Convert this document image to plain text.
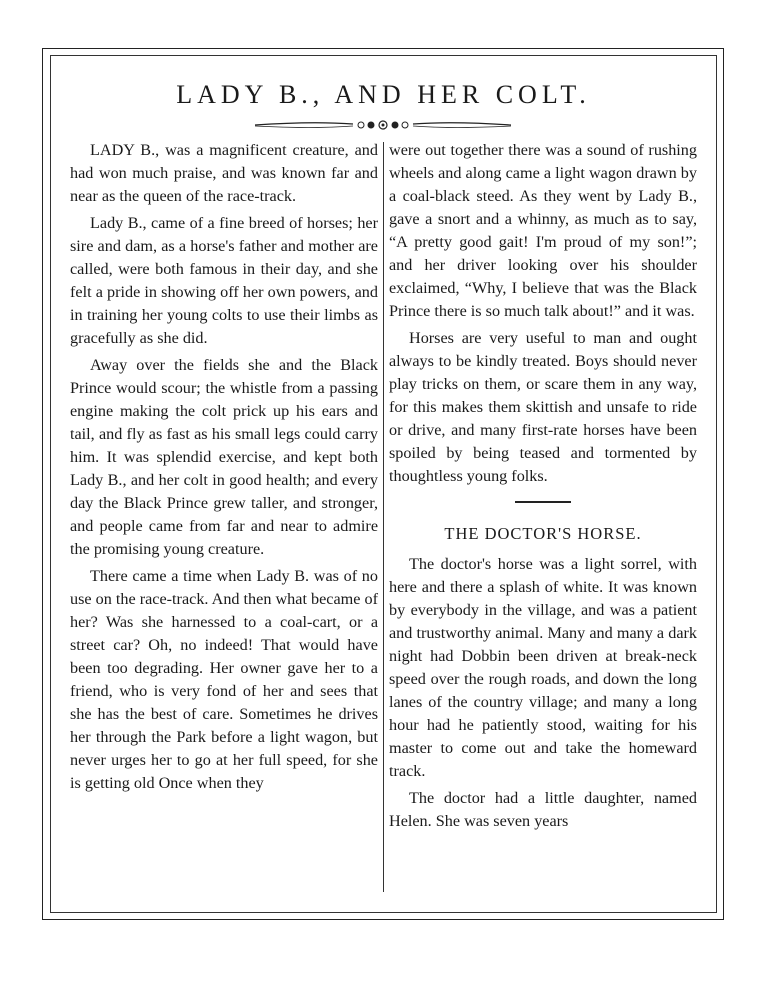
LADY B., AND HER COLT.

LADY B., was a magnificent creature, and had won much praise, and was known far and near as the queen of the race-track.

Lady B., came of a fine breed of horses; her sire and dam, as a horse's father and mother are called, were both famous in their day, and she felt a pride in showing off her own powers, and in training her young colts to use their limbs as gracefully as she did.

Away over the fields she and the Black Prince would scour; the whistle from a passing engine making the colt prick up his ears and tail, and fly as fast as his small legs could carry him. It was splendid exercise, and kept both Lady B., and her colt in good health; and every day the Black Prince grew taller, and stronger, and people came from far and near to admire the promising young creature.

There came a time when Lady B. was of no use on the race-track. And then what became of her? Was she harnessed to a coal-cart, or a street car? Oh, no indeed! That would have been too degrading. Her owner gave her to a friend, who is very fond of her and sees that she has the best of care. Sometimes he drives her through the Park before a light wagon, but never urges her to go at her full speed, for she is getting old Once when they

were out together there was a sound of rushing wheels and along came a light wagon drawn by a coal-black steed. As they went by Lady B., gave a snort and a whinny, as much as to say, “A pretty good gait! I'm proud of my son!”; and her driver looking over his shoulder exclaimed, “Why, I believe that was the Black Prince there is so much talk about!” and it was.

Horses are very useful to man and ought always to be kindly treated. Boys should never play tricks on them, or scare them in any way, for this makes them skittish and unsafe to ride or drive, and many first-rate horses have been spoiled by being teased and tormented by thoughtless young folks.

THE DOCTOR'S HORSE.

The doctor's horse was a light sorrel, with here and there a splash of white. It was known by everybody in the village, and was a patient and trustworthy animal. Many and many a dark night had Dobbin been driven at break-neck speed over the rough roads, and down the long lanes of the country village; and many a long hour had he patiently stood, waiting for his master to come out and take the homeward track.

The doctor had a little daughter, named Helen. She was seven years
